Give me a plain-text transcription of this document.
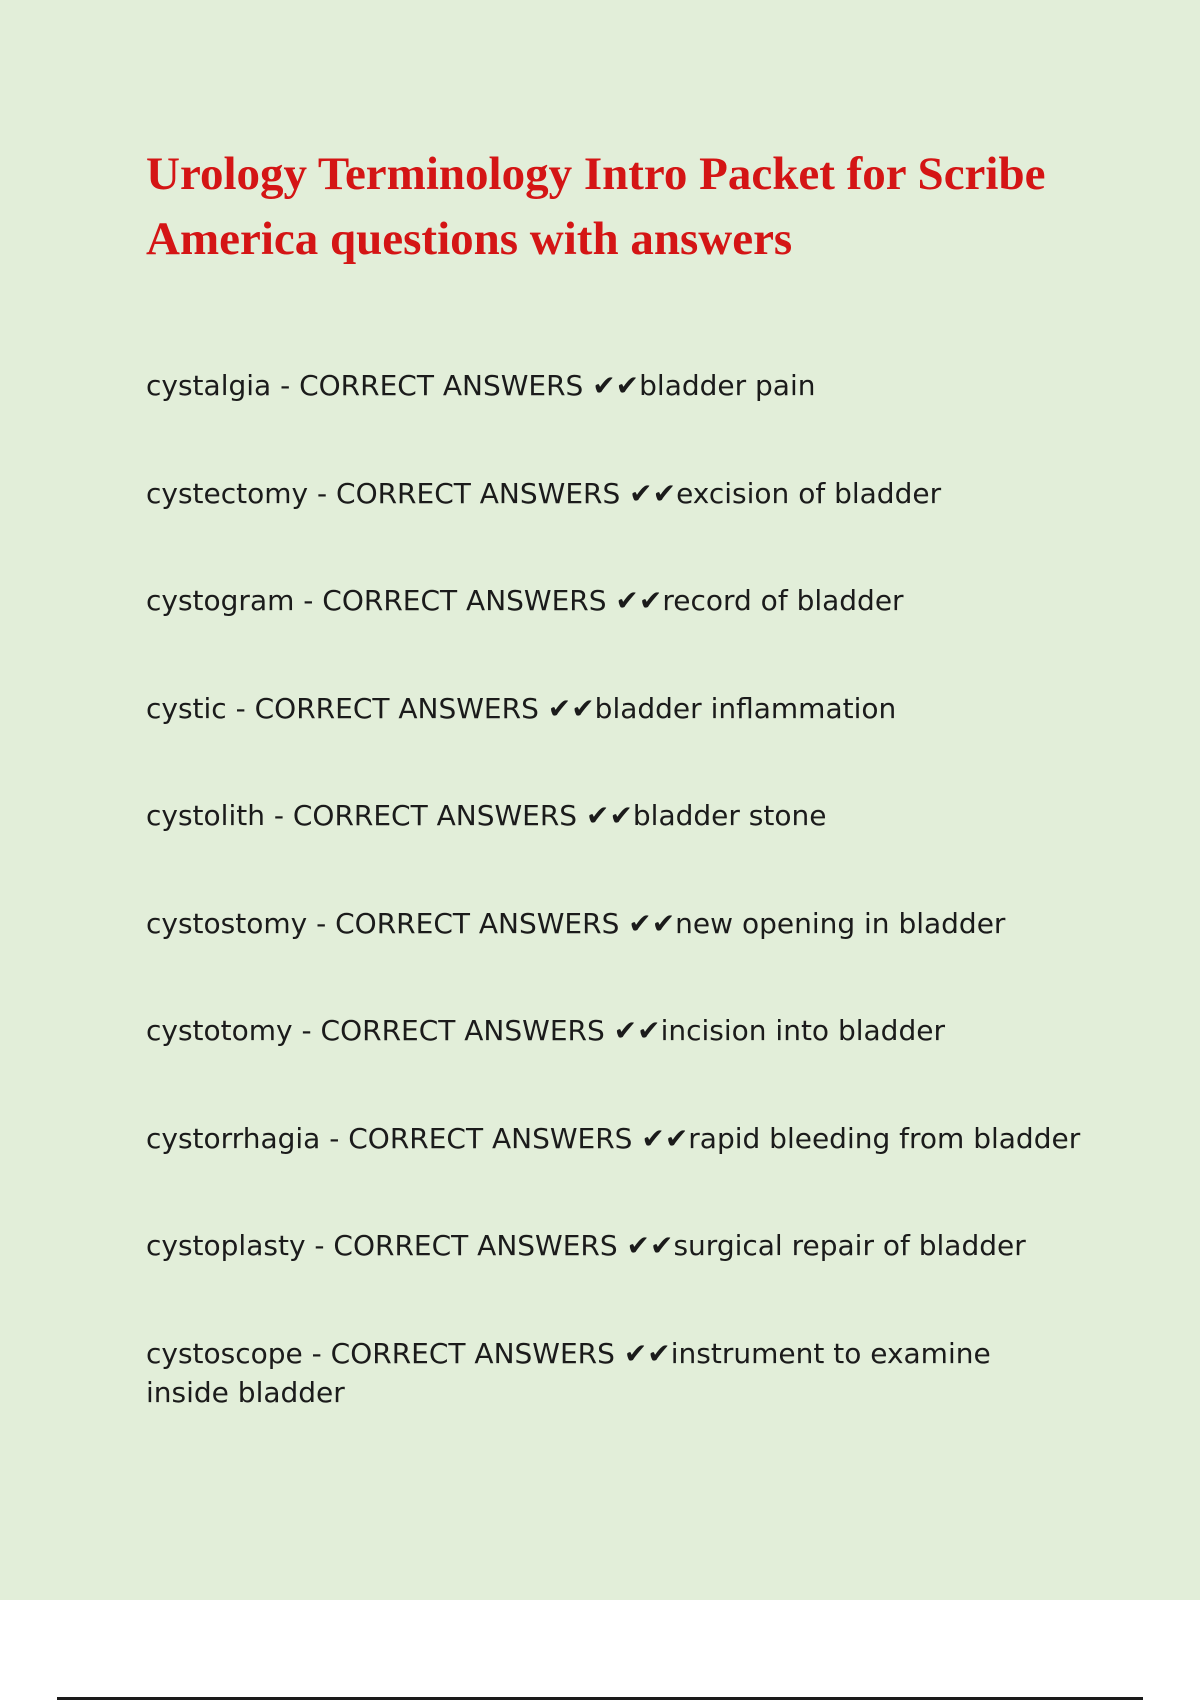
Urology Terminology Intro Packet for Scribe America questions with answers
cystalgia - CORRECT ANSWERS ✔✔bladder pain
cystectomy - CORRECT ANSWERS ✔✔excision of bladder
cystogram - CORRECT ANSWERS ✔✔record of bladder
cystic - CORRECT ANSWERS ✔✔bladder inflammation
cystolith - CORRECT ANSWERS ✔✔bladder stone
cystostomy - CORRECT ANSWERS ✔✔new opening in bladder
cystotomy - CORRECT ANSWERS ✔✔incision into bladder
cystorrhagia - CORRECT ANSWERS ✔✔rapid bleeding from bladder
cystoplasty - CORRECT ANSWERS ✔✔surgical repair of bladder
cystoscope - CORRECT ANSWERS ✔✔instrument to examine inside bladder
